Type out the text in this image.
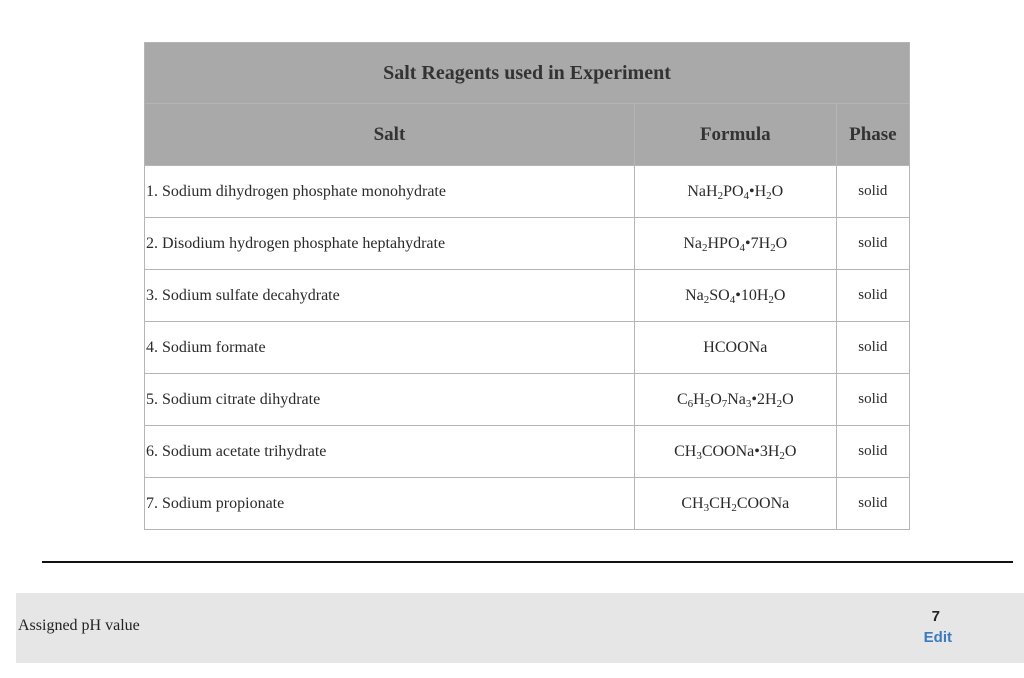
Salt Reagents used in Experiment		
Salt	Formula	Phase
1. Sodium dihydrogen phosphate monohydrate	$NaH_2PO_4•H_2O$	solid
2. Disodium hydrogen phosphate heptahydrate	$Na_2HPO_4•7H_2O$	solid
3. Sodium sulfate decahydrate	$Na_2SO_4•10H_2O$	solid
4. Sodium formate	HCOONa	solid
5. Sodium citrate dihydrate	$C_6H_5O_7Na_3•2H_2O$	solid
6. Sodium acetate trihydrate	$CH_3COONa•3H_2O$	solid
7. Sodium propionate	$CH_3CH_2COONa$	solid
Assigned pH value
7
Edit
